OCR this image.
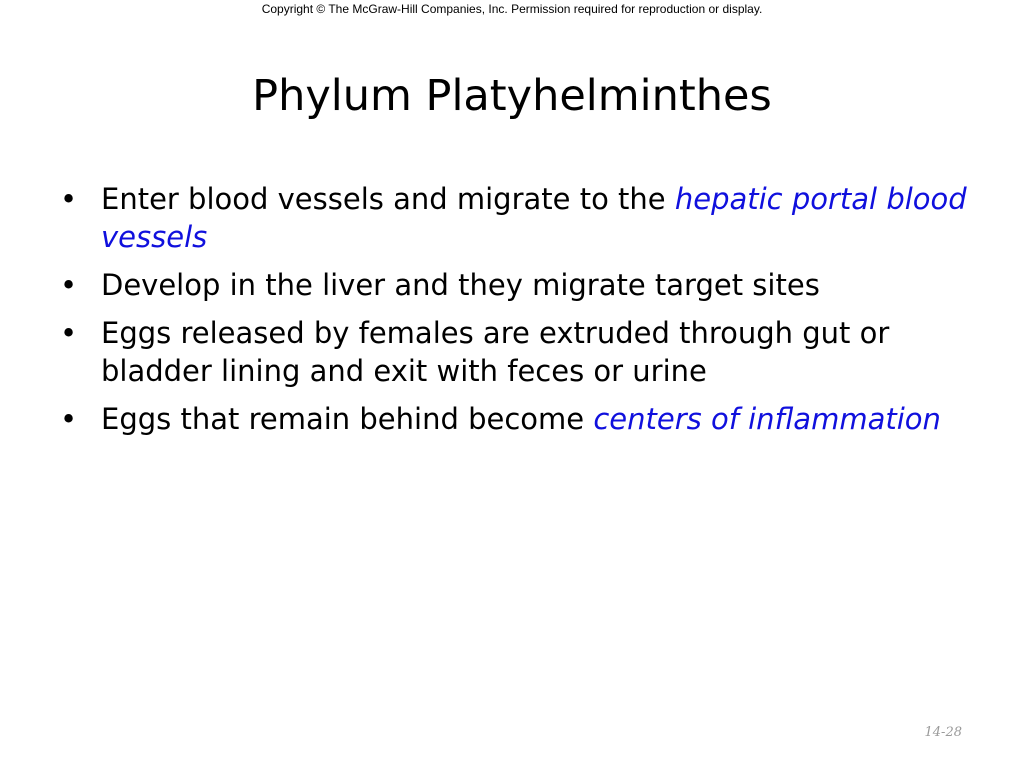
Copyright © The McGraw-Hill Companies, Inc. Permission required for reproduction or display.
Phylum Platyhelminthes
• Enter blood vessels and migrate to the hepatic portal blood vessels
• Develop in the liver and they migrate target sites
• Eggs released by females are extruded through gut or bladder lining and exit with feces or urine
• Eggs that remain behind become centers of inflammation
14-28
